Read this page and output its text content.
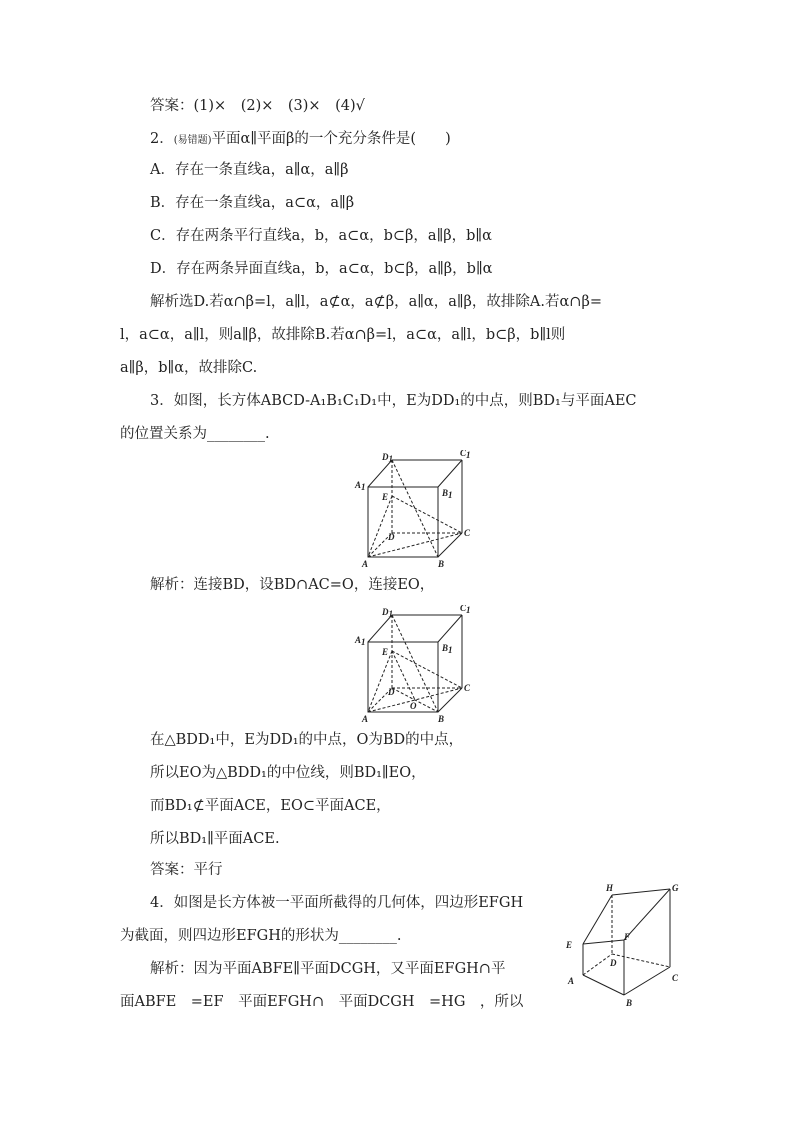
答案：(1)×　(2)×　(3)×　(4)√
2．(易错题)平面α∥平面β的一个充分条件是(　　)
A．存在一条直线a，a∥α，a∥β
B．存在一条直线a，a⊂α，a∥β
C．存在两条平行直线a，b，a⊂α，b⊂β，a∥β，b∥α
D．存在两条异面直线a，b，a⊂α，b⊂β，a∥β，b∥α
解析选D.若α∩β=l，a∥l，a⊄α，a⊄β，a∥α，a∥β，故排除A.若α∩β=
l，a⊂α，a∥l，则a∥β，故排除B.若α∩β=l，a⊂α，a∥l，b⊂β，b∥l则
a∥β，b∥α，故排除C.
3．如图，长方体ABCD-A₁B₁C₁D₁中，E为DD₁的中点，则BD₁与平面AEC
的位置关系为________.
D1
C1
A1
E	B1
D	C
A	B
解析：连接BD，设BD∩AC=O，连接EO，
D1
C1
A1
E	B1
D
O
C
A	B
在△BDD₁中，E为DD₁的中点，O为BD的中点，
所以EO为△BDD₁的中位线，则BD₁∥EO，
而BD₁⊄平面ACE，EO⊂平面ACE，
所以BD₁∥平面ACE.
答案：平行
4．如图是长方体被一平面所截得的几何体，四边形EFGH
为截面，则四边形EFGH的形状为________.
解析：因为平面ABFE∥平面DCGH，又平面EFGH∩平
面ABFE　=EF　平面EFGH∩　平面DCGH　=HG　，所以
H	G
E
F
D
A	C
B
